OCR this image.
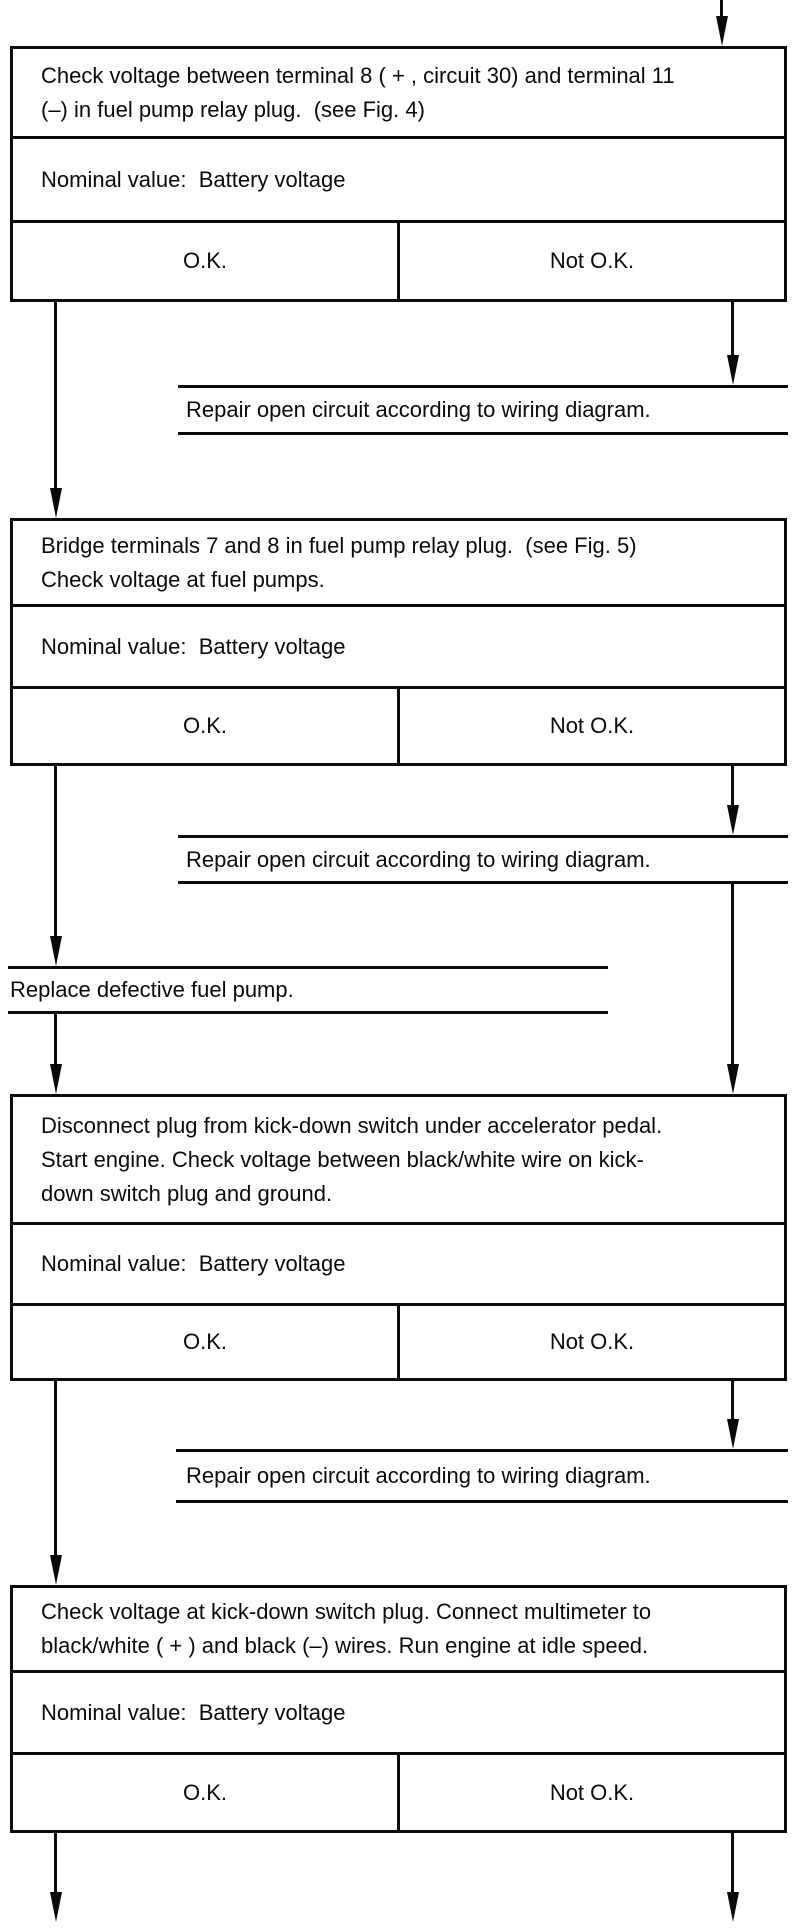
Check voltage between terminal 8 ( + , circuit 30) and terminal 11
(–) in fuel pump relay plug.  (see Fig. 4)
Nominal value:  Battery voltage
O.K.	Not O.K.
Repair open circuit according to wiring diagram.
Bridge terminals 7 and 8 in fuel pump relay plug.  (see Fig. 5)
Check voltage at fuel pumps.
Nominal value:  Battery voltage
O.K.	Not O.K.
Repair open circuit according to wiring diagram.
Replace defective fuel pump.
Disconnect plug from kick-down switch under accelerator pedal.
Start engine. Check voltage between black/white wire on kick-
down switch plug and ground.
Nominal value:  Battery voltage
O.K.	Not O.K.
Repair open circuit according to wiring diagram.
Check voltage at kick-down switch plug. Connect multimeter to
black/white ( + ) and black (–) wires. Run engine at idle speed.
Nominal value:  Battery voltage
O.K.	Not O.K.
